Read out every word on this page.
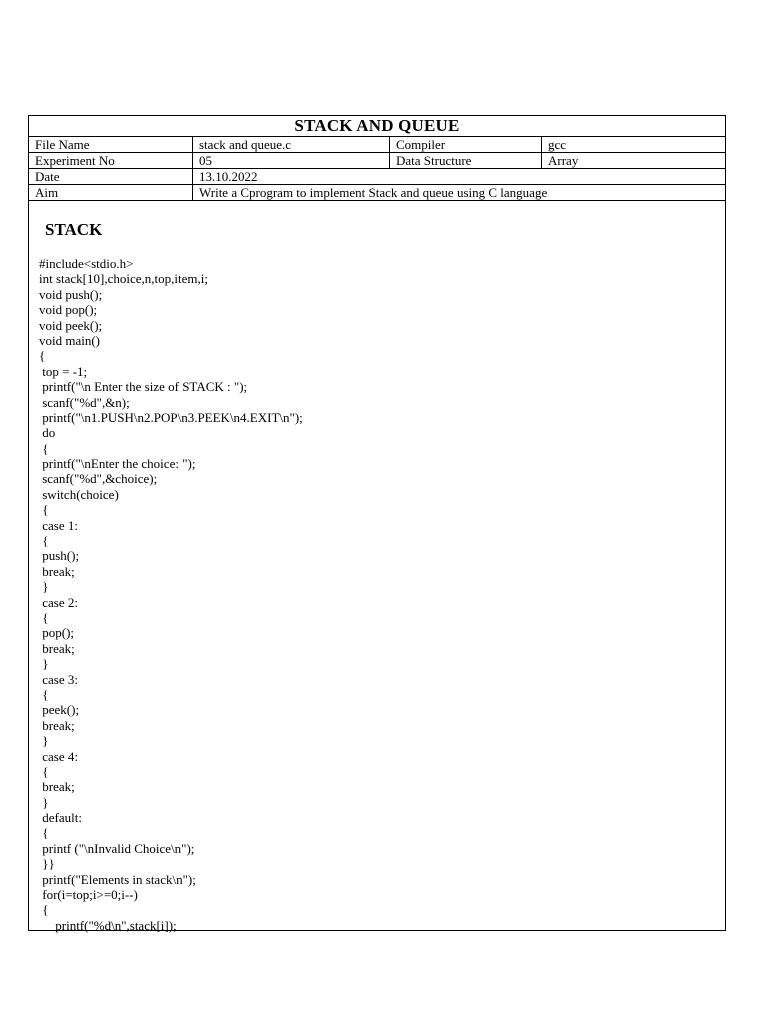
STACK AND QUEUE
File Name	stack and queue.c	Compiler	gcc
Experiment No	05	Data Structure	Array
Date	13.10.2022		
Aim	Write a Cprogram to implement Stack and queue using C language		
STACK
#include<stdio.h>
int stack[10],choice,n,top,item,i;
void push();
void pop();
void peek();
void main()
{
top = -1;
printf("\n Enter the size of STACK : ");
scanf("%d",&n);
printf("\n1.PUSH\n2.POP\n3.PEEK\n4.EXIT\n");
do
{
printf("\nEnter the choice: ");
scanf("%d",&choice);
switch(choice)
{
case 1:
{
push();
break;
}
case 2:
{
pop();
break;
}
case 3:
{
peek();
break;
}
case 4:
{
break;
}
default:
{
printf ("\nInvalid Choice\n");
}}
printf("Elements in stack\n");
for(i=top;i>=0;i--)
{
printf("%d\n",stack[i]);
